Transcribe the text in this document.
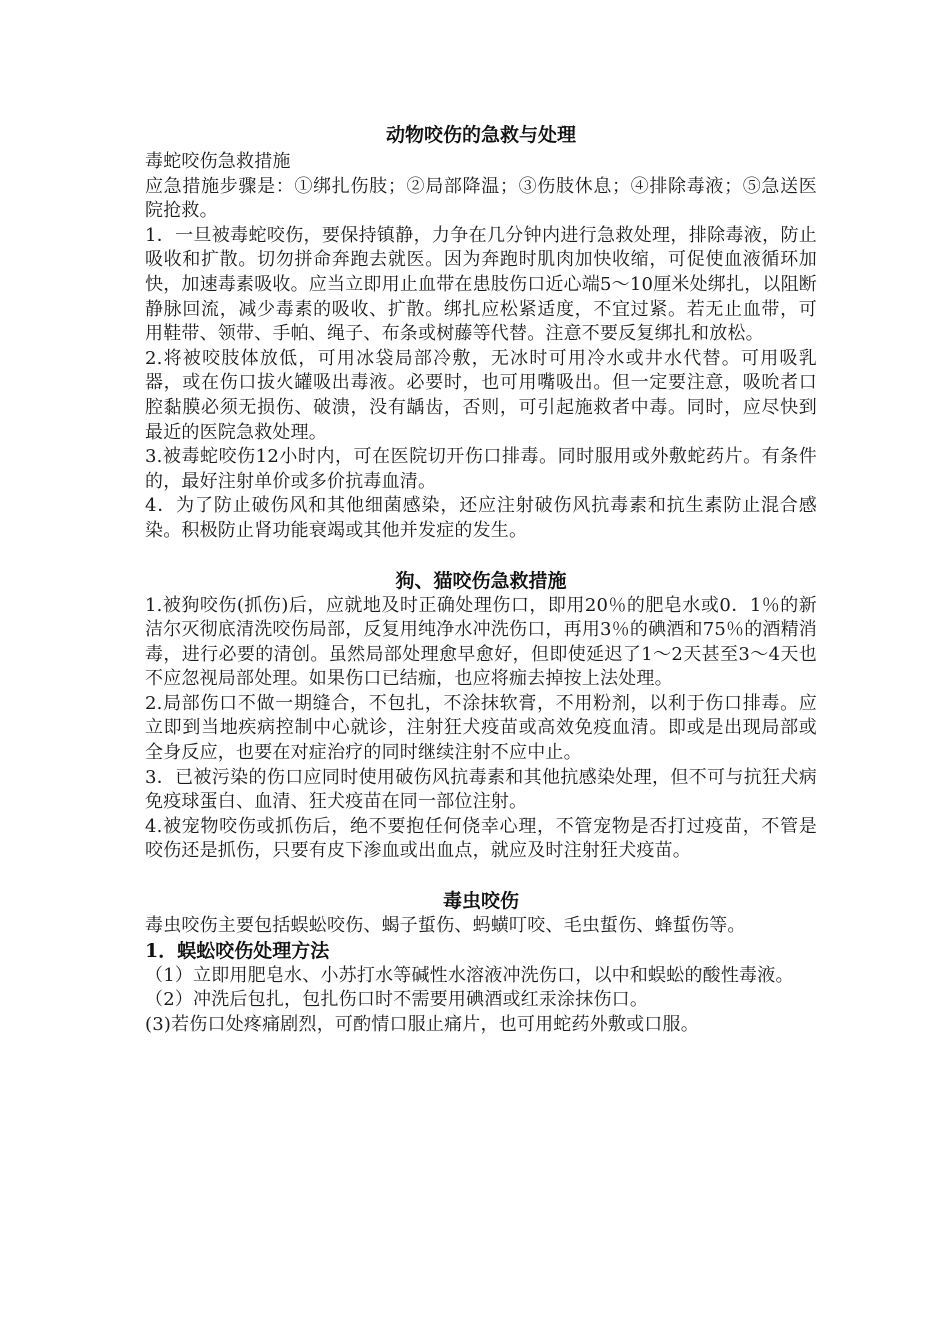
动物咬伤的急救与处理

毒蛇咬伤急救措施

应急措施步骤是：①绑扎伤肢；②局部降温；③伤肢休息；④排除毒液；⑤急送医院抢救。

1．一旦被毒蛇咬伤，要保持镇静，力争在几分钟内进行急救处理，排除毒液，防止吸收和扩散。切勿拼命奔跑去就医。因为奔跑时肌肉加快收缩，可促使血液循环加快，加速毒素吸收。应当立即用止血带在患肢伤口近心端5～10厘米处绑扎，以阻断静脉回流，减少毒素的吸收、扩散。绑扎应松紧适度，不宜过紧。若无止血带，可用鞋带、领带、手帕、绳子、布条或树藤等代替。注意不要反复绑扎和放松。

2.将被咬肢体放低，可用冰袋局部冷敷，无冰时可用冷水或井水代替。可用吸乳器，或在伤口拔火罐吸出毒液。必要时，也可用嘴吸出。但一定要注意，吸吮者口腔黏膜必须无损伤、破溃，没有龋齿，否则，可引起施救者中毒。同时，应尽快到最近的医院急救处理。

3.被毒蛇咬伤12小时内，可在医院切开伤口排毒。同时服用或外敷蛇药片。有条件的，最好注射单价或多价抗毒血清。

4．为了防止破伤风和其他细菌感染，还应注射破伤风抗毒素和抗生素防止混合感染。积极防止肾功能衰竭或其他并发症的发生。

狗、猫咬伤急救措施

1.被狗咬伤(抓伤)后，应就地及时正确处理伤口，即用20％的肥皂水或0．1％的新洁尔灭彻底清洗咬伤局部，反复用纯净水冲洗伤口，再用3％的碘酒和75％的酒精消毒，进行必要的清创。虽然局部处理愈早愈好，但即使延迟了1～2天甚至3～4天也不应忽视局部处理。如果伤口已结痂，也应将痂去掉按上法处理。

2.局部伤口不做一期缝合，不包扎，不涂抹软膏，不用粉剂，以利于伤口排毒。应立即到当地疾病控制中心就诊，注射狂犬疫苗或高效免疫血清。即或是出现局部或全身反应，也要在对症治疗的同时继续注射不应中止。

3．已被污染的伤口应同时使用破伤风抗毒素和其他抗感染处理，但不可与抗狂犬病免疫球蛋白、血清、狂犬疫苗在同一部位注射。

4.被宠物咬伤或抓伤后，绝不要抱任何侥幸心理，不管宠物是否打过疫苗，不管是咬伤还是抓伤，只要有皮下渗血或出血点，就应及时注射狂犬疫苗。

毒虫咬伤

毒虫咬伤主要包括蜈蚣咬伤、蝎子蜇伤、蚂蟥叮咬、毛虫蜇伤、蜂蜇伤等。

1．蜈蚣咬伤处理方法

（1）立即用肥皂水、小苏打水等碱性水溶液冲洗伤口，以中和蜈蚣的酸性毒液。

（2）冲洗后包扎，包扎伤口时不需要用碘酒或红汞涂抹伤口。

(3)若伤口处疼痛剧烈，可酌情口服止痛片，也可用蛇药外敷或口服。
